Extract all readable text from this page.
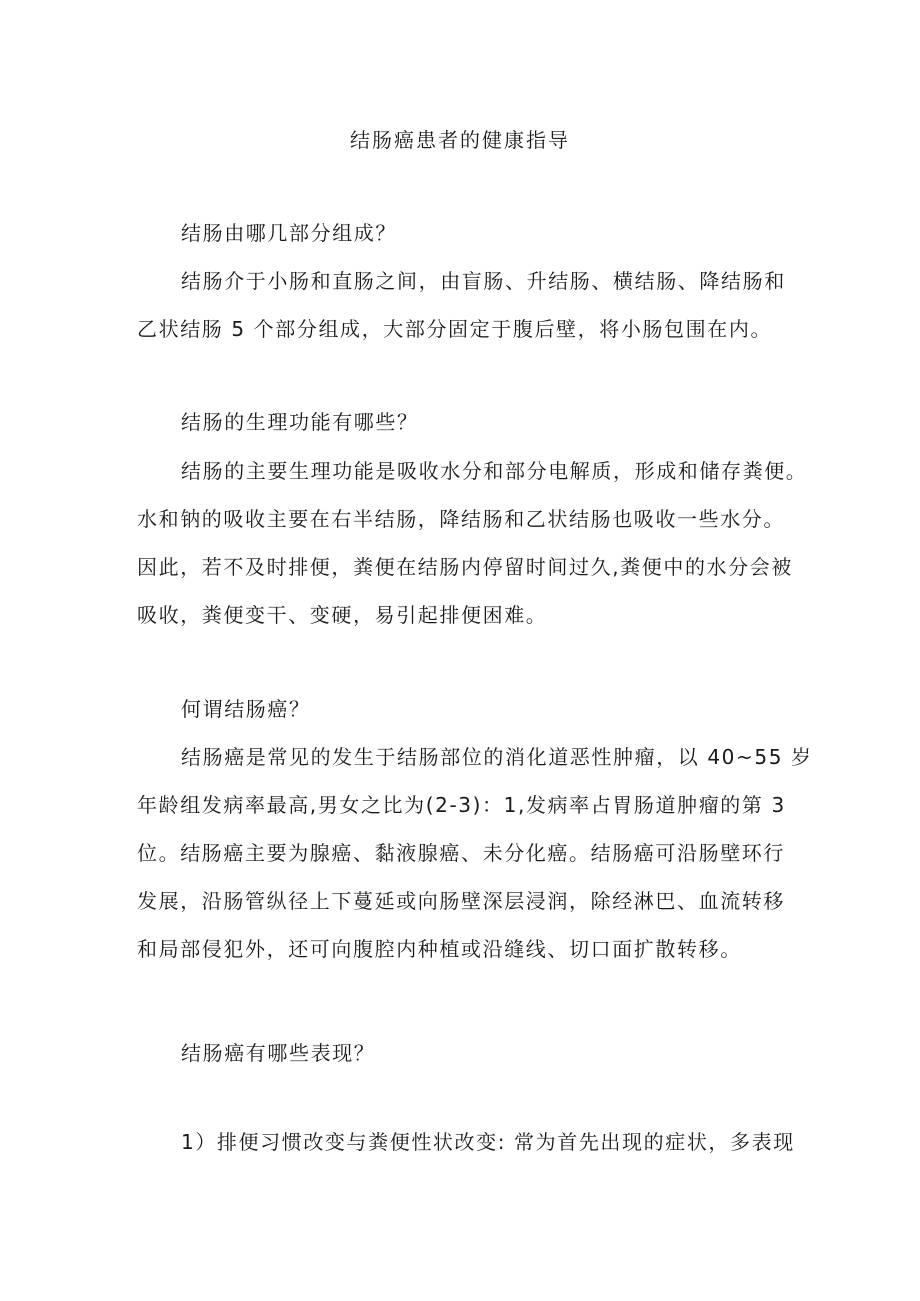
结肠癌患者的健康指导
结肠由哪几部分组成？
结肠介于小肠和直肠之间，由盲肠、升结肠、横结肠、降结肠和
乙状结肠 5 个部分组成，大部分固定于腹后壁，将小肠包围在内。
结肠的生理功能有哪些？
结肠的主要生理功能是吸收水分和部分电解质，形成和储存粪便。
水和钠的吸收主要在右半结肠，降结肠和乙状结肠也吸收一些水分。
因此，若不及时排便，粪便在结肠内停留时间过久,粪便中的水分会被
吸收，粪便变干、变硬，易引起排便困难。
何谓结肠癌？
结肠癌是常见的发生于结肠部位的消化道恶性肿瘤，以 40~55 岁
年龄组发病率最高,男女之比为(2-3)：1,发病率占胃肠道肿瘤的第 3
位。结肠癌主要为腺癌、黏液腺癌、未分化癌。结肠癌可沿肠壁环行
发展，沿肠管纵径上下蔓延或向肠壁深层浸润，除经淋巴、血流转移
和局部侵犯外，还可向腹腔内种植或沿缝线、切口面扩散转移。
结肠癌有哪些表现？
1）排便习惯改变与粪便性状改变: 常为首先出现的症状，多表现
